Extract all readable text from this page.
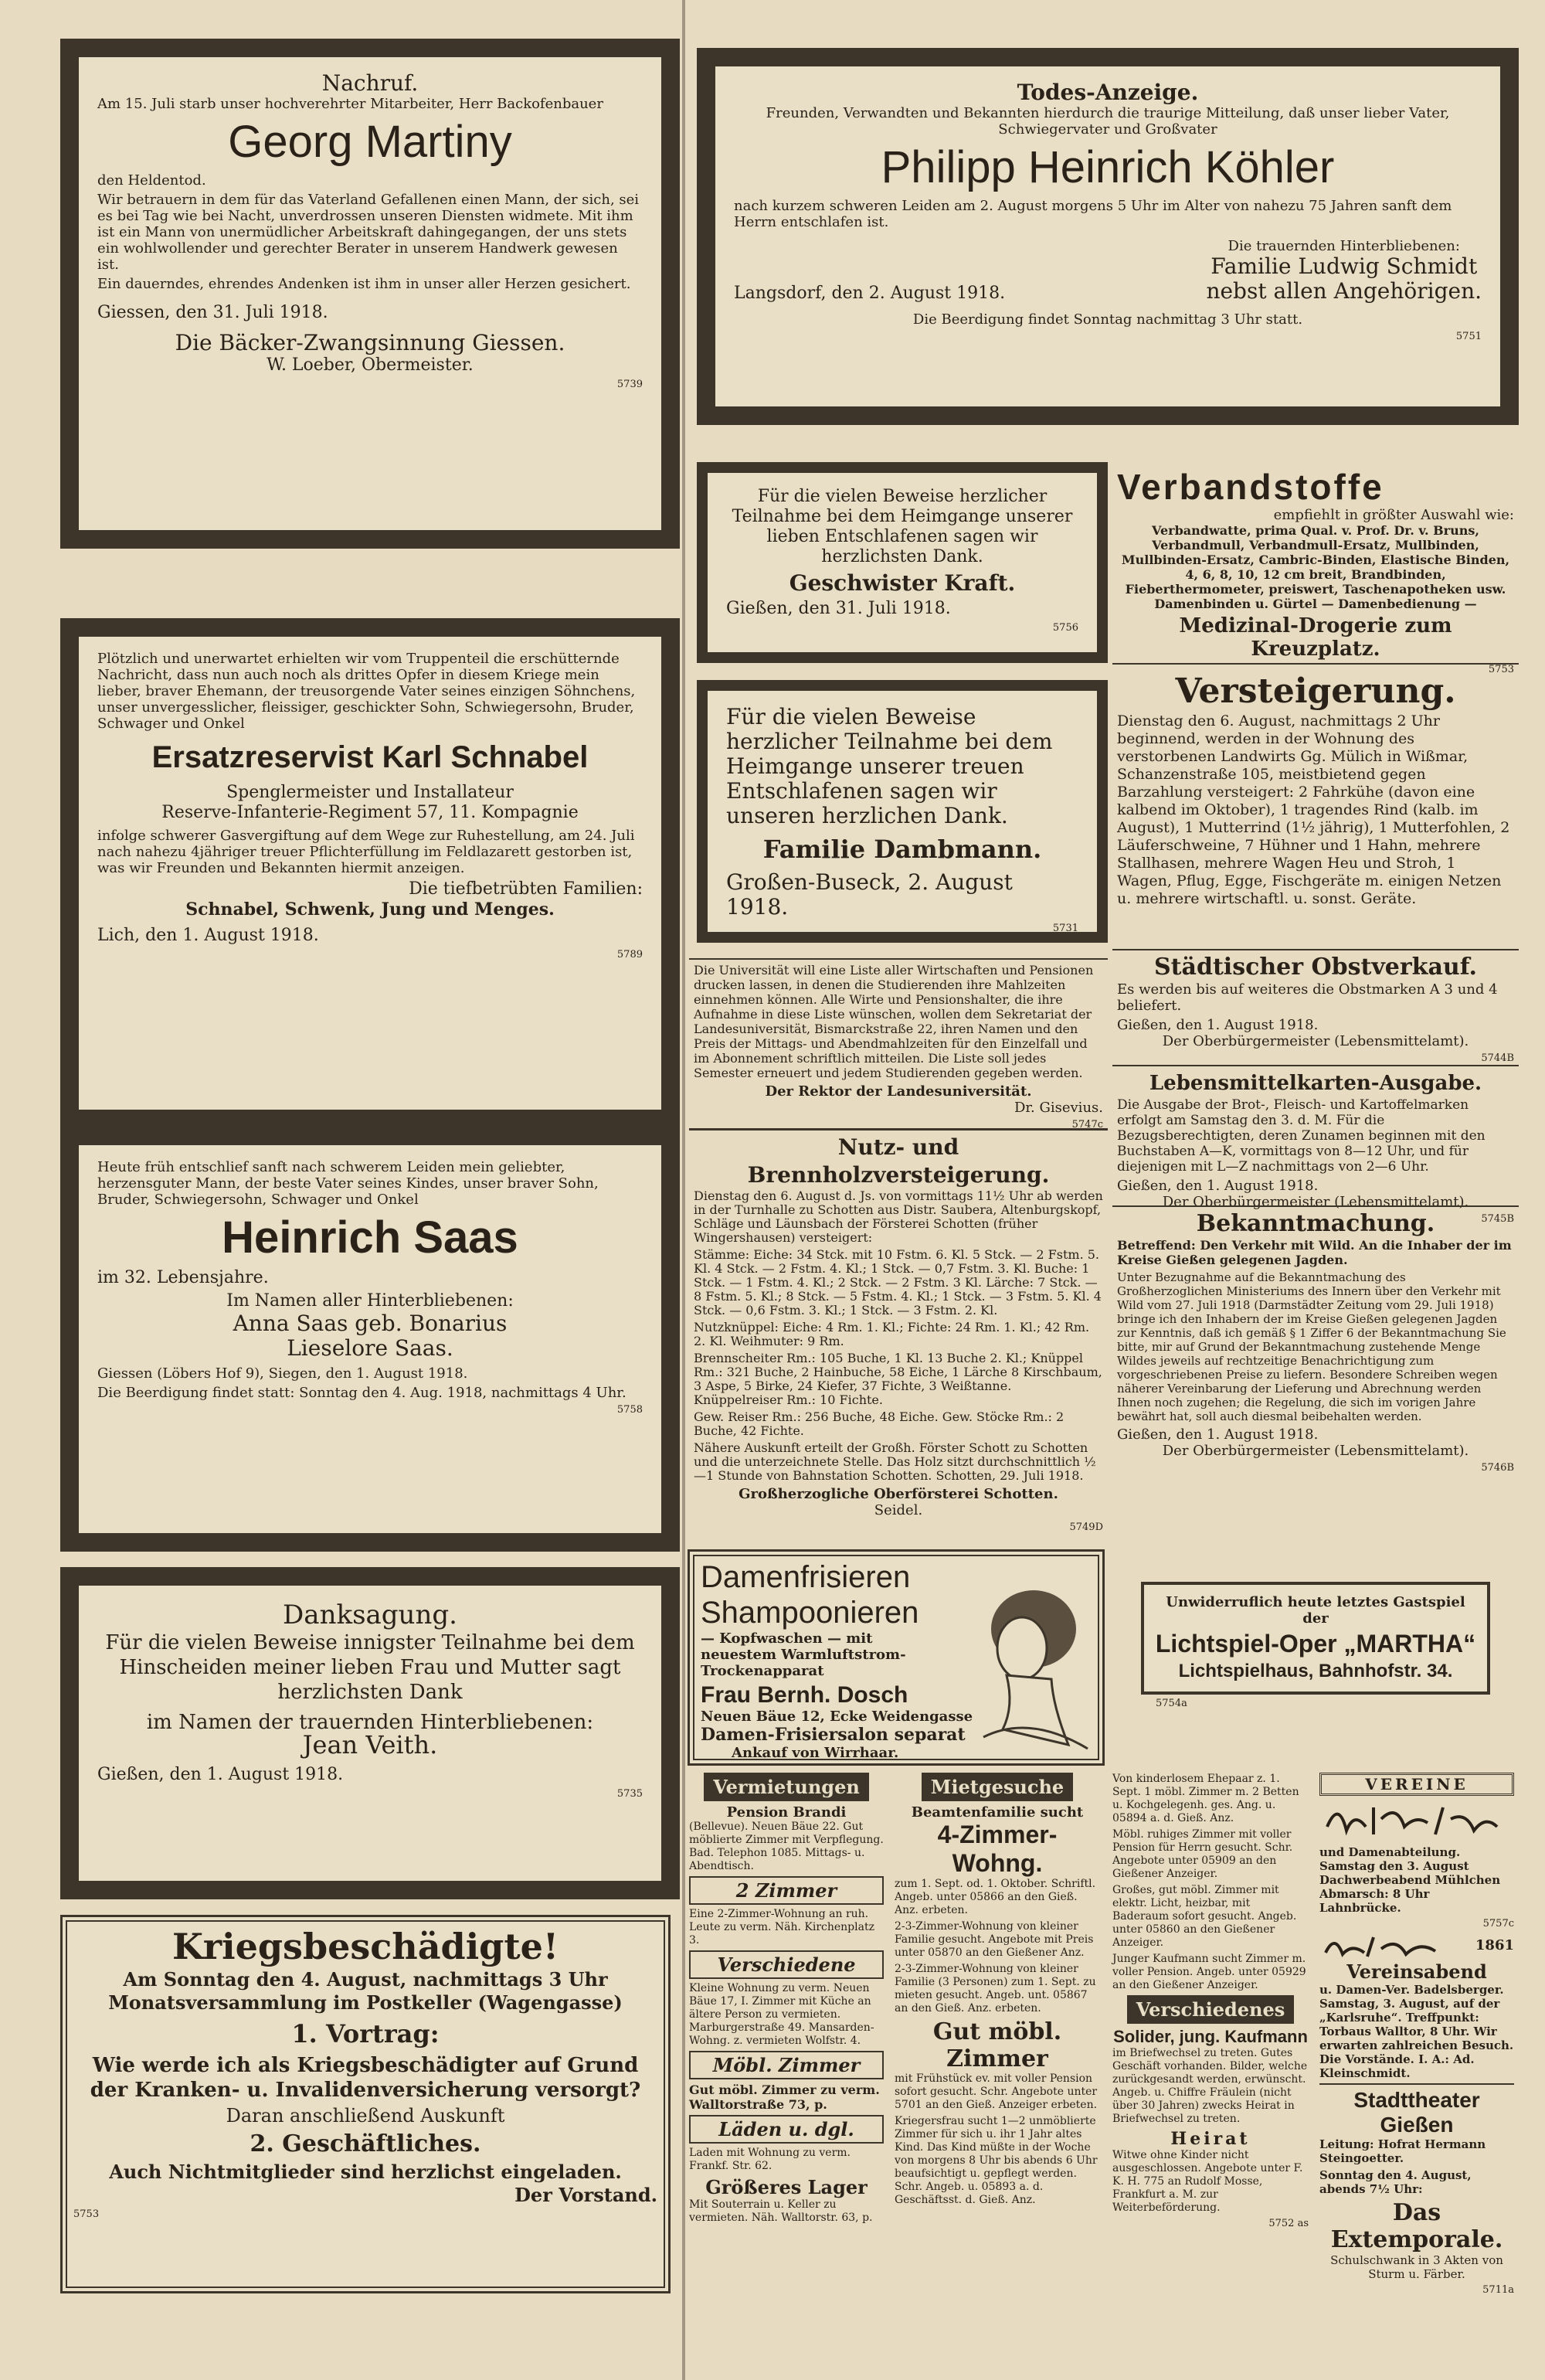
Nachruf.

Am 15. Juli starb unser hochverehrter Mitarbeiter, Herr Backofenbauer

Georg Martiny

den Heldentod.

Wir betrauern in dem für das Vaterland Gefallenen einen Mann, der sich, sei es bei Tag wie bei Nacht, unverdrossen unseren Diensten widmete. Mit ihm ist ein Mann von unermüdlicher Arbeitskraft dahingegangen, der uns stets ein wohlwollender und gerechter Berater in unserem Handwerk gewesen ist.

Ein dauerndes, ehrendes Andenken ist ihm in unser aller Herzen gesichert.

Giessen, den 31. Juli 1918.

Die Bäcker-Zwangsinnung Giessen.
W. Loeber, Obermeister.
5739

Plötzlich und unerwartet erhielten wir vom Truppenteil die erschütternde Nachricht, dass nun auch noch als drittes Opfer in diesem Kriege mein lieber, braver Ehemann, der treusorgende Vater seines einzigen Söhnchens, unser unvergesslicher, fleissiger, geschickter Sohn, Schwiegersohn, Bruder, Schwager und Onkel

Ersatzreservist Karl Schnabel
Spenglermeister und Installateur
Reserve-Infanterie-Regiment 57, 11. Kompagnie

infolge schwerer Gasvergiftung auf dem Wege zur Ruhestellung, am 24. Juli nach nahezu 4jähriger treuer Pflichterfüllung im Feldlazarett gestorben ist, was wir Freunden und Bekannten hiermit anzeigen.

Die tiefbetrübten Familien:
Schnabel, Schwenk, Jung und Menges.

Lich, den 1. August 1918.

5789

Heute früh entschlief sanft nach schwerem Leiden mein geliebter, herzensguter Mann, der beste Vater seines Kindes, unser braver Sohn, Bruder, Schwiegersohn, Schwager und Onkel

Heinrich Saas

im 32. Lebensjahre.

Im Namen aller Hinterbliebenen:
Anna Saas geb. Bonarius
Lieselore Saas.

Giessen (Löbers Hof 9), Siegen, den 1. August 1918.

Die Beerdigung findet statt: Sonntag den 4. Aug. 1918, nachmittags 4 Uhr.

5758
Danksagung.

Für die vielen Beweise innigster Teilnahme bei dem Hinscheiden meiner lieben Frau und Mutter sagt herzlichsten Dank

im Namen der trauernden Hinterbliebenen:
Jean Veith.

Gießen, den 1. August 1918.

5735
Kriegsbeschädigte!

Am Sonntag den 4. August, nachmittags 3 Uhr Monatsversammlung im Postkeller (Wagengasse)

1. Vortrag:

Wie werde ich als Kriegsbeschädigter auf Grund der Kranken- u. Invalidenversicherung versorgt?

Daran anschließend Auskunft
2. Geschäftliches.

Auch Nichtmitglieder sind herzlichst eingeladen.

Der Vorstand.
5753
Todes-Anzeige.

Freunden, Verwandten und Bekannten hierdurch die traurige Mitteilung, daß unser lieber Vater, Schwiegervater und Großvater

Philipp Heinrich Köhler

nach kurzem schweren Leiden am 2. August morgens 5 Uhr im Alter von nahezu 75 Jahren sanft dem Herrn entschlafen ist.

Langsdorf, den 2. August 1918.
Die trauernden Hinterbliebenen:
Familie Ludwig Schmidt
nebst allen Angehörigen.
Die Beerdigung findet Sonntag nachmittag 3 Uhr statt.
5751

Für die vielen Beweise herzlicher Teilnahme bei dem Heimgange unserer lieben Entschlafenen sagen wir herzlichsten Dank.

Geschwister Kraft.
Gießen, den 31. Juli 1918.
5756

Für die vielen Beweise herzlicher Teilnahme bei dem Heimgange unserer treuen Entschlafenen sagen wir unseren herzlichen Dank.

Familie Dambmann.
Großen-Buseck, 2. August 1918.
5731

Die Universität will eine Liste aller Wirtschaften und Pensionen drucken lassen, in denen die Studierenden ihre Mahlzeiten einnehmen können. Alle Wirte und Pensionshalter, die ihre Aufnahme in diese Liste wünschen, wollen dem Sekretariat der Landesuniversität, Bismarckstraße 22, ihren Namen und den Preis der Mittags- und Abendmahlzeiten für den Einzelfall und im Abonnement schriftlich mitteilen. Die Liste soll jedes Semester erneuert und jedem Studierenden gegeben werden.

Der Rektor der Landesuniversität.
Dr. Gisevius.
5747c
Nutz- und Brennholzversteigerung.

Dienstag den 6. August d. Js. von vormittags 11½ Uhr ab werden in der Turnhalle zu Schotten aus Distr. Saubera, Altenburgskopf, Schläge und Läunsbach der Försterei Schotten (früher Wingershausen) versteigert:

Stämme: Eiche: 34 Stck. mit 10 Fstm. 6. Kl. 5 Stck. — 2 Fstm. 5. Kl. 4 Stck. — 2 Fstm. 4. Kl.; 1 Stck. — 0,7 Fstm. 3. Kl. Buche: 1 Stck. — 1 Fstm. 4. Kl.; 2 Stck. — 2 Fstm. 3 Kl. Lärche: 7 Stck. — 8 Fstm. 5. Kl.; 8 Stck. — 5 Fstm. 4. Kl.; 1 Stck. — 3 Fstm. 5. Kl. 4 Stck. — 0,6 Fstm. 3. Kl.; 1 Stck. — 3 Fstm. 2. Kl.

Nutzknüppel: Eiche: 4 Rm. 1. Kl.; Fichte: 24 Rm. 1. Kl.; 42 Rm. 2. Kl. Weihmuter: 9 Rm.

Brennscheiter Rm.: 105 Buche, 1 Kl. 13 Buche 2. Kl.; Knüppel Rm.: 321 Buche, 2 Hainbuche, 58 Eiche, 1 Lärche 8 Kirschbaum, 3 Aspe, 5 Birke, 24 Kiefer, 37 Fichte, 3 Weißtanne. Knüppelreiser Rm.: 10 Fichte.

Gew. Reiser Rm.: 256 Buche, 48 Eiche. Gew. Stöcke Rm.: 2 Buche, 42 Fichte.

Nähere Auskunft erteilt der Großh. Förster Schott zu Schotten und die unterzeichnete Stelle. Das Holz sitzt durchschnittlich ½—1 Stunde von Bahnstation Schotten. Schotten, 29. Juli 1918.

Großherzogliche Oberförsterei Schotten.
Seidel.
5749D
Verbandstoffe
empfiehlt in größter Auswahl wie:

Verbandwatte, prima Qual. v. Prof. Dr. v. Bruns, Verbandmull, Verbandmull-Ersatz, Mullbinden, Mullbinden-Ersatz, Cambric-Binden, Elastische Binden, 4, 6, 8, 10, 12 cm breit, Brandbinden, Fieberthermometer, preiswert, Taschenapotheken usw. Damenbinden u. Gürtel — Damenbedienung —

Medizinal-Drogerie zum Kreuzplatz.
5753
Versteigerung.

Dienstag den 6. August, nachmittags 2 Uhr beginnend, werden in der Wohnung des verstorbenen Landwirts Gg. Mülich in Wißmar, Schanzenstraße 105, meistbietend gegen Barzahlung versteigert: 2 Fahrkühe (davon eine kalbend im Oktober), 1 tragendes Rind (kalb. im August), 1 Mutterrind (1½ jährig), 1 Mutterfohlen, 2 Läuferschweine, 7 Hühner und 1 Hahn, mehrere Stallhasen, mehrere Wagen Heu und Stroh, 1 Wagen, Pflug, Egge, Fischgeräte m. einigen Netzen u. mehrere wirtschaftl. u. sonst. Geräte.

Städtischer Obstverkauf.

Es werden bis auf weiteres die Obstmarken A 3 und 4 beliefert.

Gießen, den 1. August 1918.
Der Oberbürgermeister (Lebensmittelamt).
5744B
Lebensmittelkarten-Ausgabe.

Die Ausgabe der Brot-, Fleisch- und Kartoffelmarken erfolgt am Samstag den 3. d. M. Für die Bezugsberechtigten, deren Zunamen beginnen mit den Buchstaben A—K, vormittags von 8—12 Uhr, und für diejenigen mit L—Z nachmittags von 2—6 Uhr.

Gießen, den 1. August 1918.
Der Oberbürgermeister (Lebensmittelamt).
5745B
Bekanntmachung.

Betreffend: Den Verkehr mit Wild. An die Inhaber der im Kreise Gießen gelegenen Jagden.

Unter Bezugnahme auf die Bekanntmachung des Großherzoglichen Ministeriums des Innern über den Verkehr mit Wild vom 27. Juli 1918 (Darmstädter Zeitung vom 29. Juli 1918) bringe ich den Inhabern der im Kreise Gießen gelegenen Jagden zur Kenntnis, daß ich gemäß § 1 Ziffer 6 der Bekanntmachung Sie bitte, mir auf Grund der Bekanntmachung zustehende Menge Wildes jeweils auf rechtzeitige Benachrichtigung zum vorgeschriebenen Preise zu liefern. Besondere Schreiben wegen näherer Vereinbarung der Lieferung und Abrechnung werden Ihnen noch zugehen; die Regelung, die sich im vorigen Jahre bewährt hat, soll auch diesmal beibehalten werden.

Gießen, den 1. August 1918.
Der Oberbürgermeister (Lebensmittelamt).
5746B
Damenfrisieren
Shampoonieren

— Kopfwaschen — mit neuestem Warmluftstrom-Trockenapparat

Frau Bernh. Dosch
Neuen Bäue 12, Ecke Weidengasse
Damen-Frisiersalon separat
Ankauf von Wirrhaar.
Unwiderruflich heute letztes Gastspiel der
Lichtspiel-Oper „MARTHA“
Lichtspielhaus, Bahnhofstr. 34.
5754a
Vermietungen
Pension Brandi

(Bellevue). Neuen Bäue 22. Gut möblierte Zimmer mit Verpflegung. Bad. Telephon 1085. Mittags- u. Abendtisch.

2 Zimmer

Eine 2-Zimmer-Wohnung an ruh. Leute zu verm. Näh. Kirchenplatz 3.

Verschiedene

Kleine Wohnung zu verm. Neuen Bäue 17, I. Zimmer mit Küche an ältere Person zu vermieten. Marburgerstraße 49. Mansarden-Wohng. z. vermieten Wolfstr. 4.

Möbl. Zimmer

Gut möbl. Zimmer zu verm. Walltorstraße 73, p.

Läden u. dgl.

Laden mit Wohnung zu verm. Frankf. Str. 62.

Größeres Lager

Mit Souterrain u. Keller zu vermieten. Näh. Walltorstr. 63, p.

Mietgesuche
Beamtenfamilie sucht
4-Zimmer-Wohng.

zum 1. Sept. od. 1. Oktober. Schriftl. Angeb. unter 05866 an den Gieß. Anz. erbeten.

2-3-Zimmer-Wohnung von kleiner Familie gesucht. Angebote mit Preis unter 05870 an den Gießener Anz.

2-3-Zimmer-Wohnung von kleiner Familie (3 Personen) zum 1. Sept. zu mieten gesucht. Angeb. unt. 05867 an den Gieß. Anz. erbeten.

Gut möbl. Zimmer

mit Frühstück ev. mit voller Pension sofort gesucht. Schr. Angebote unter 5701 an den Gieß. Anzeiger erbeten.

Kriegersfrau sucht 1—2 unmöblierte Zimmer für sich u. ihr 1 Jahr altes Kind. Das Kind müßte in der Woche von morgens 8 Uhr bis abends 6 Uhr beaufsichtigt u. gepflegt werden. Schr. Angeb. u. 05893 a. d. Geschäftsst. d. Gieß. Anz.

Von kinderlosem Ehepaar z. 1. Sept. 1 möbl. Zimmer m. 2 Betten u. Kochgelegenh. ges. Ang. u. 05894 a. d. Gieß. Anz.

Möbl. ruhiges Zimmer mit voller Pension für Herrn gesucht. Schr. Angebote unter 05909 an den Gießener Anzeiger.

Großes, gut möbl. Zimmer mit elektr. Licht, heizbar, mit Baderaum sofort gesucht. Angeb. unter 05860 an den Gießener Anzeiger.

Junger Kaufmann sucht Zimmer m. voller Pension. Angeb. unter 05929 an den Gießener Anzeiger.

Verschiedenes
Solider, jung. Kaufmann

im Briefwechsel zu treten. Gutes Geschäft vorhanden. Bilder, welche zurückgesandt werden, erwünscht. Angeb. u. Chiffre Fräulein (nicht über 30 Jahren) zwecks Heirat in Briefwechsel zu treten.

Heirat

Witwe ohne Kinder nicht ausgeschlossen. Angebote unter F. K. H. 775 an Rudolf Mosse, Frankfurt a. M. zur Weiterbeförderung.

5752 as
VEREINE

und Damenabteilung. Samstag den 3. August Dachwerbeabend Mühlchen Abmarsch: 8 Uhr Lahnbrücke.

5757c
1861
Vereinsabend

u. Damen-Ver. Badelsberger. Samstag, 3. August, auf der „Karlsruhe“. Treffpunkt: Torbaus Walltor, 8 Uhr. Wir erwarten zahlreichen Besuch. Die Vorstände. I. A.: Ad. Kleinschmidt.

Stadttheater Gießen

Leitung: Hofrat Hermann Steingoetter.

Sonntag den 4. August, abends 7½ Uhr:

Das Extemporale.

Schulschwank in 3 Akten von Sturm u. Färber.

5711a
